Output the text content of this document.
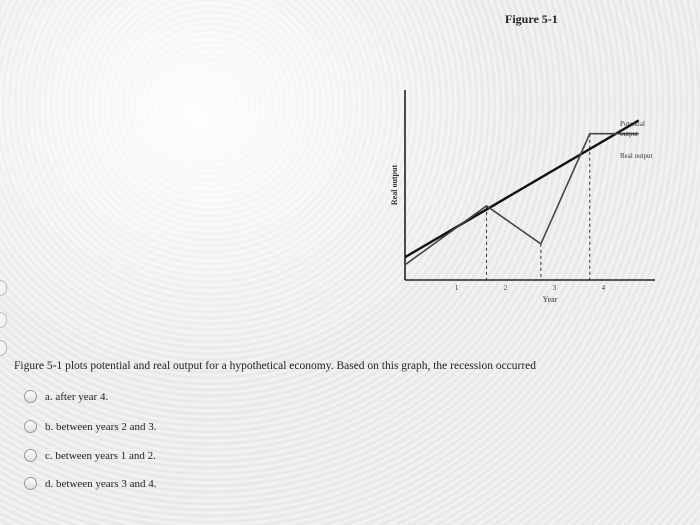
Figure 5-1
1	2	3	4
Year
Real output
Potential
output
Real output
Figure 5-1 plots potential and real output for a hypothetical economy. Based on this graph, the recession occurred
a. after year 4.
b. between years 2 and 3.
c. between years 1 and 2.
d. between years 3 and 4.
